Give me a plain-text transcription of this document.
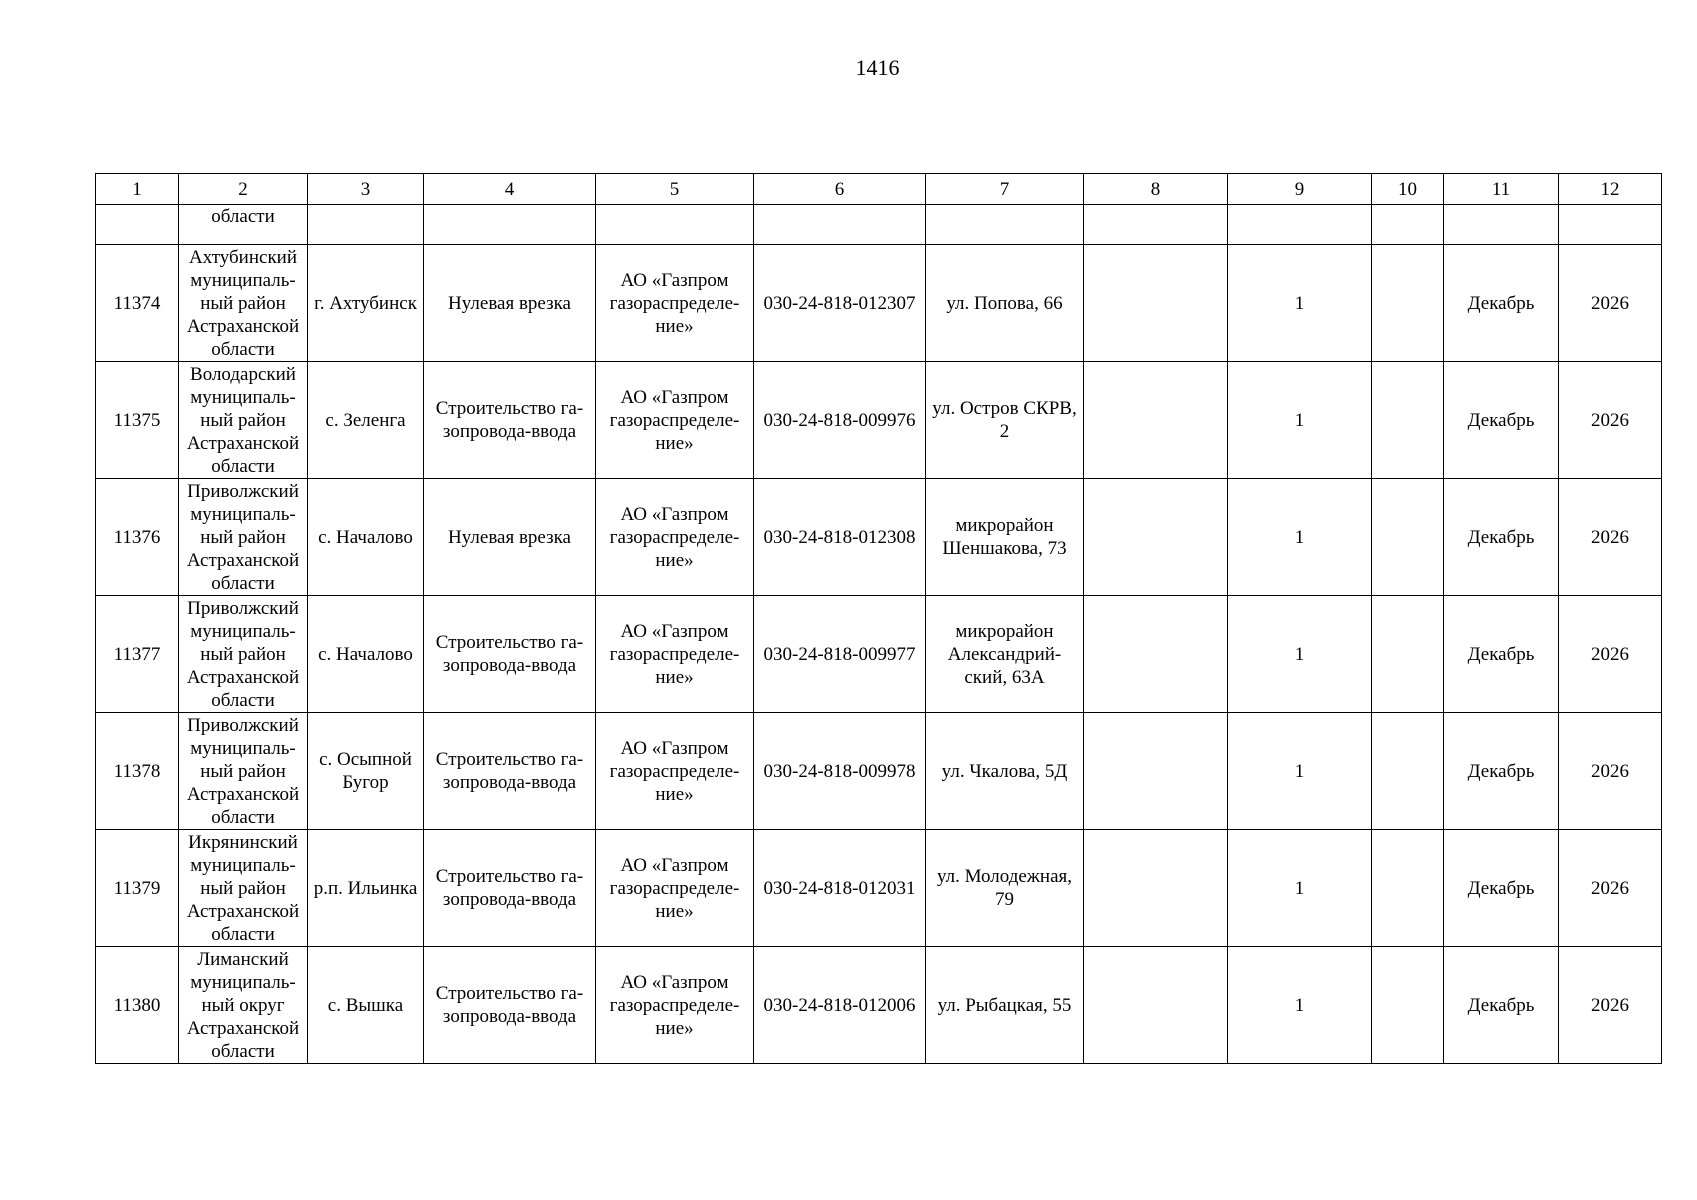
1416
1	2	3	4	5	6	7	8	9	10	11	12
	области										
11374	Ахтубинский муниципаль-ный район Астраханской области	г. Ахтубинск	Нулевая врезка	АО «Газпром газораспределе-ние»	030-24-818-012307	ул. Попова, 66		1		Декабрь	2026
11375	Володарский муниципаль-ный район Астраханской области	с. Зеленга	Строительство га-зопровода-ввода	АО «Газпром газораспределе-ние»	030-24-818-009976	ул. Остров СКРВ, 2		1		Декабрь	2026
11376	Приволжский муниципаль-ный район Астраханской области	с. Началово	Нулевая врезка	АО «Газпром газораспределе-ние»	030-24-818-012308	микрорайон Шеншакова, 73		1		Декабрь	2026
11377	Приволжский муниципаль-ный район Астраханской области	с. Началово	Строительство га-зопровода-ввода	АО «Газпром газораспределе-ние»	030-24-818-009977	микрорайон Александрий-ский, 63А		1		Декабрь	2026
11378	Приволжский муниципаль-ный район Астраханской области	с. Осыпной Бугор	Строительство га-зопровода-ввода	АО «Газпром газораспределе-ние»	030-24-818-009978	ул. Чкалова, 5Д		1		Декабрь	2026
11379	Икрянинский муниципаль-ный район Астраханской области	р.п. Ильинка	Строительство га-зопровода-ввода	АО «Газпром газораспределе-ние»	030-24-818-012031	ул. Молодежная, 79		1		Декабрь	2026
11380	Лиманский муниципаль-ный округ Астраханской области	с. Вышка	Строительство га-зопровода-ввода	АО «Газпром газораспределе-ние»	030-24-818-012006	ул. Рыбацкая, 55		1		Декабрь	2026
